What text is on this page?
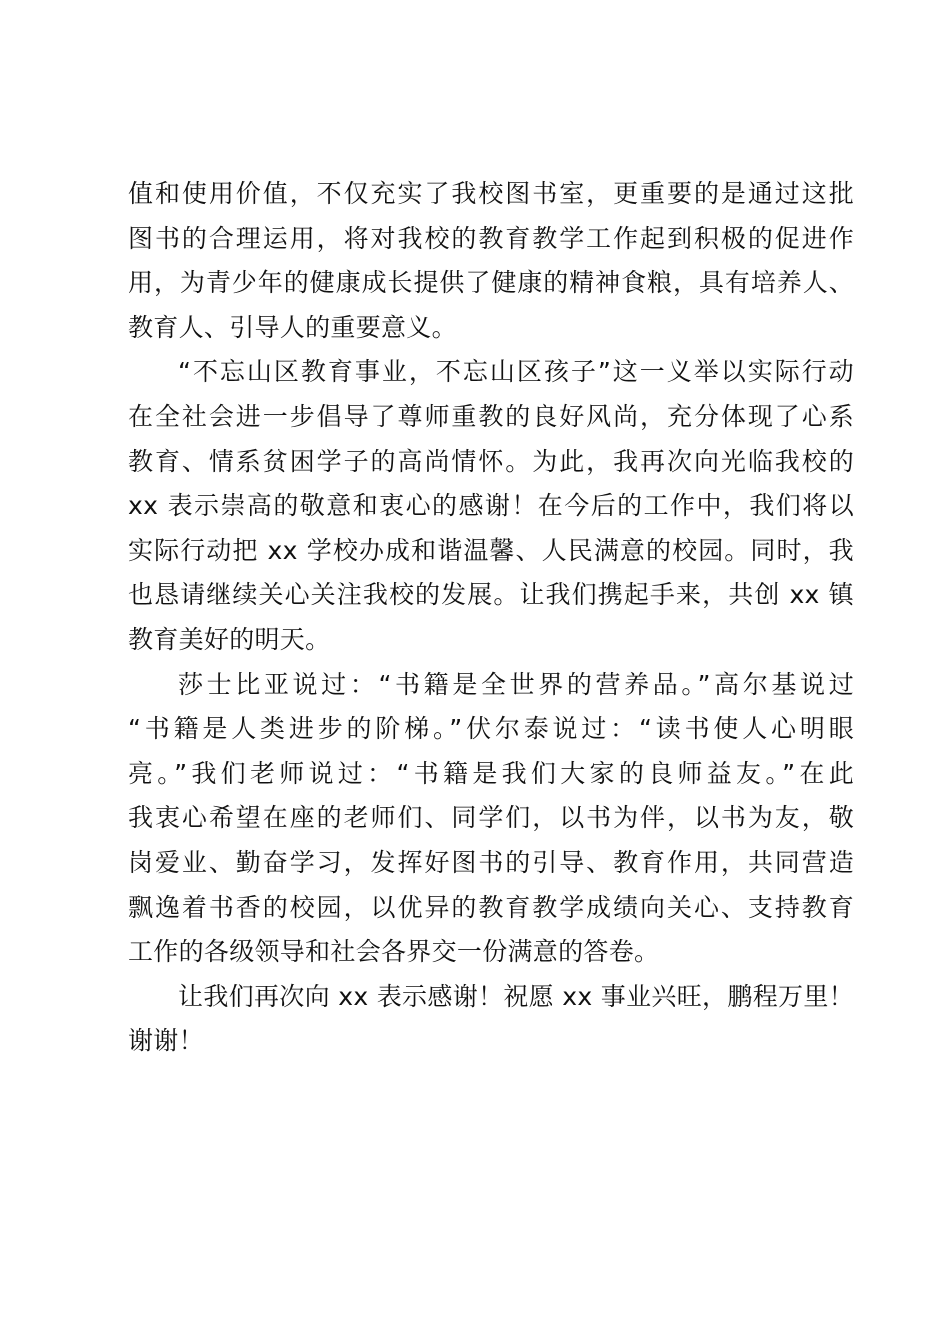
值和使用价值，不仅充实了我校图书室，更重要的是通过这批
图书的合理运用，将对我校的教育教学工作起到积极的促进作
用，为青少年的健康成长提供了健康的精神食粮，具有培养人、
教育人、引导人的重要意义。
“不忘山区教育事业，不忘山区孩子”这一义举以实际行动
在全社会进一步倡导了尊师重教的良好风尚，充分体现了心系
教育、情系贫困学子的高尚情怀。为此，我再次向光临我校的
xx 表示崇高的敬意和衷心的感谢！在今后的工作中，我们将以
实际行动把 xx 学校办成和谐温馨、人民满意的校园。同时，我
也恳请继续关心关注我校的发展。让我们携起手来，共创 xx 镇
教育美好的明天。
莎士比亚说过：“书籍是全世界的营养品。”高尔基说过
“书籍是人类进步的阶梯。”伏尔泰说过：“读书使人心明眼
亮。”我们老师说过：“书籍是我们大家的良师益友。”在此
我衷心希望在座的老师们、同学们，以书为伴，以书为友，敬
岗爱业、勤奋学习，发挥好图书的引导、教育作用，共同营造
飘逸着书香的校园，以优异的教育教学成绩向关心、支持教育
工作的各级领导和社会各界交一份满意的答卷。
让我们再次向 xx 表示感谢！祝愿 xx 事业兴旺，鹏程万里！
谢谢！
